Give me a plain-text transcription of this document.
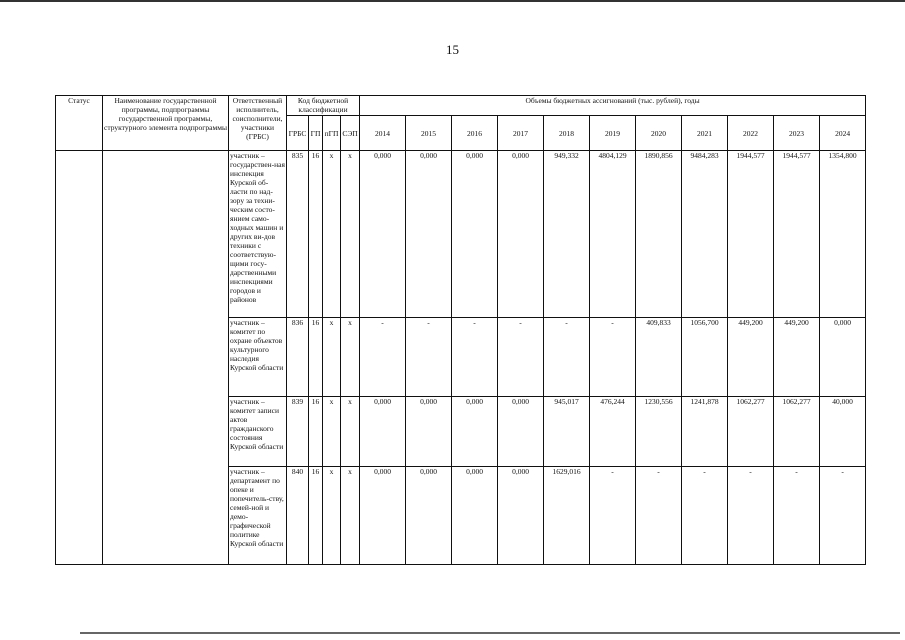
15
Статус	Наименование государственной программы, подпрограммы государственной программы, структурного элемента подпрограммы	Ответственный исполнитель, соисполнители, участники (ГРБС)	Код бюджетной классификации				Объемы бюджетных ассигнований (тыс. рублей), годы										
			ГРБС	ГП	пГП	СЭП	2014	2015	2016	2017	2018	2019	2020	2021	2022	2023	2024
		участник – государствен-ная инспекция Курской об-ласти по над-зору за техни-ческим состо-янием само-ходных машин и других ви-дов техники с соответствую-щими госу-дарственными инспекциями городов и районов	835	16	x	x	0,000	0,000	0,000	0,000	949,332	4804,129	1890,856	9484,283	1944,577	1944,577	1354,800
		участник – комитет по охране объектов культурного наследия Курской области	836	16	x	x	-	-	-	-	-	-	409,833	1056,700	449,200	449,200	0,000
		участник – комитет записи актов гражданского состояния Курской области	839	16	x	x	0,000	0,000	0,000	0,000	945,017	476,244	1230,556	1241,878	1062,277	1062,277	40,000
		участник – департамент по опеке и попечитель-ству, семей-ной и демо-графической политике Курской области	840	16	x	x	0,000	0,000	0,000	0,000	1629,016	-	-	-	-	-	-
